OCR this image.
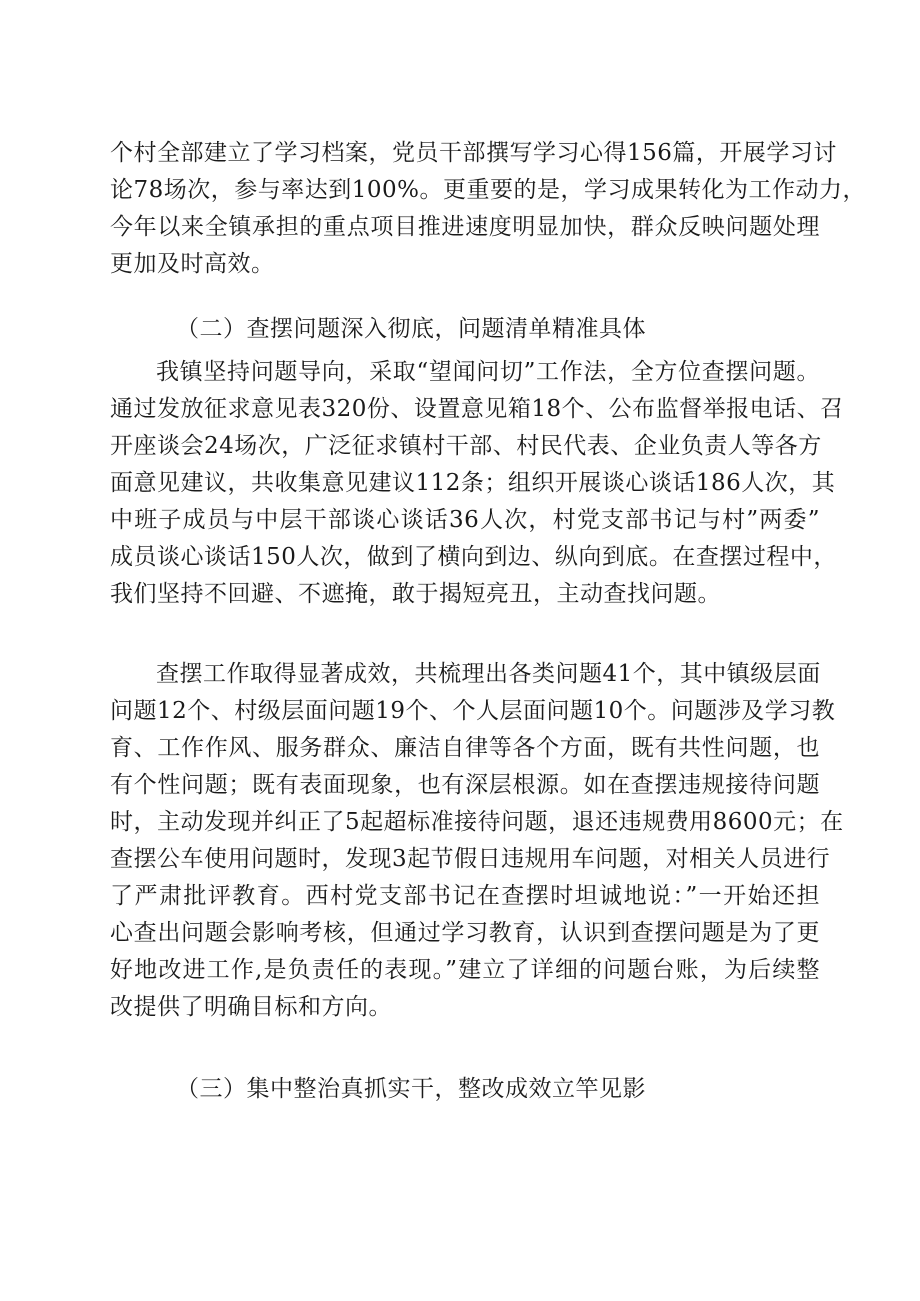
个村全部建立了学习档案，党员干部撰写学习心得156篇，开展学习讨
论78场次，参与率达到100%。更重要的是，学习成果转化为工作动力，
今年以来全镇承担的重点项目推进速度明显加快，群众反映问题处理
更加及时高效。

（二）查摆问题深入彻底，问题清单精准具体

我镇坚持问题导向，采取“望闻问切”工作法，全方位查摆问题。
通过发放征求意见表320份、设置意见箱18个、公布监督举报电话、召
开座谈会24场次，广泛征求镇村干部、村民代表、企业负责人等各方
面意见建议，共收集意见建议112条；组织开展谈心谈话186人次，其
中班子成员与中层干部谈心谈话36人次，村党支部书记与村”两委”
成员谈心谈话150人次，做到了横向到边、纵向到底。在查摆过程中，
我们坚持不回避、不遮掩，敢于揭短亮丑，主动查找问题。

查摆工作取得显著成效，共梳理出各类问题41个，其中镇级层面
问题12个、村级层面问题19个、个人层面问题10个。问题涉及学习教
育、工作作风、服务群众、廉洁自律等各个方面，既有共性问题，也
有个性问题；既有表面现象，也有深层根源。如在查摆违规接待问题
时，主动发现并纠正了5起超标准接待问题，退还违规费用8600元；在
查摆公车使用问题时，发现3起节假日违规用车问题，对相关人员进行
了严肃批评教育。西村党支部书记在查摆时坦诚地说：”一开始还担
心查出问题会影响考核，但通过学习教育，认识到查摆问题是为了更
好地改进工作,是负责任的表现。”建立了详细的问题台账，为后续整
改提供了明确目标和方向。

（三）集中整治真抓实干，整改成效立竿见影
